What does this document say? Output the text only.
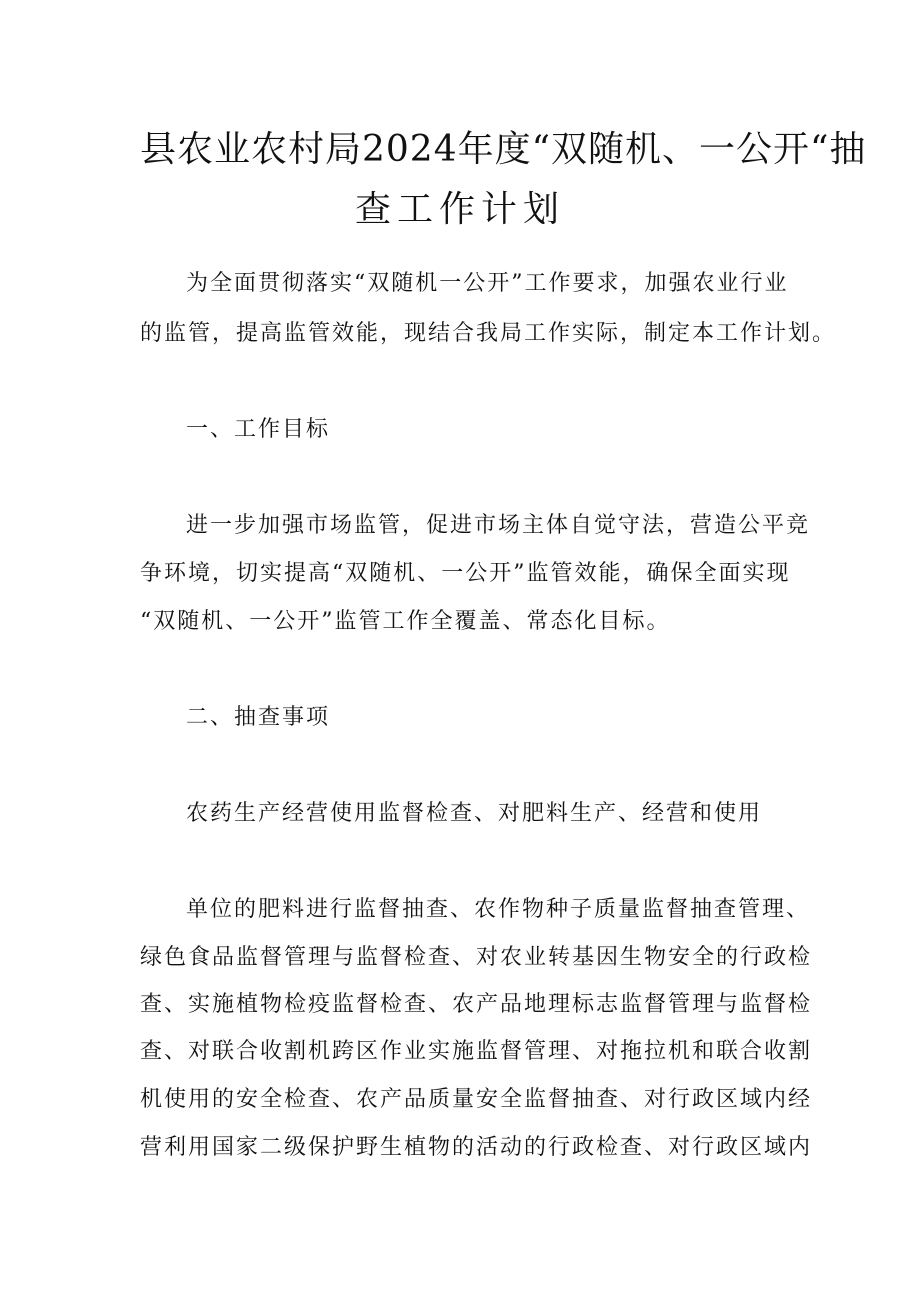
县农业农村局2024年度“双随机、一公开“抽
查工作计划
为全面贯彻落实“双随机一公开”工作要求，加强农业行业
的监管，提高监管效能，现结合我局工作实际，制定本工作计划。
一、工作目标
进一步加强市场监管，促进市场主体自觉守法，营造公平竞
争环境，切实提高“双随机、一公开”监管效能，确保全面实现
“双随机、一公开”监管工作全覆盖、常态化目标。
二、抽查事项
农药生产经营使用监督检查、对肥料生产、经营和使用
单位的肥料进行监督抽查、农作物种子质量监督抽查管理、
绿色食品监督管理与监督检查、对农业转基因生物安全的行政检
查、实施植物检疫监督检查、农产品地理标志监督管理与监督检
查、对联合收割机跨区作业实施监督管理、对拖拉机和联合收割
机使用的安全检查、农产品质量安全监督抽查、对行政区域内经
营利用国家二级保护野生植物的活动的行政检查、对行政区域内
